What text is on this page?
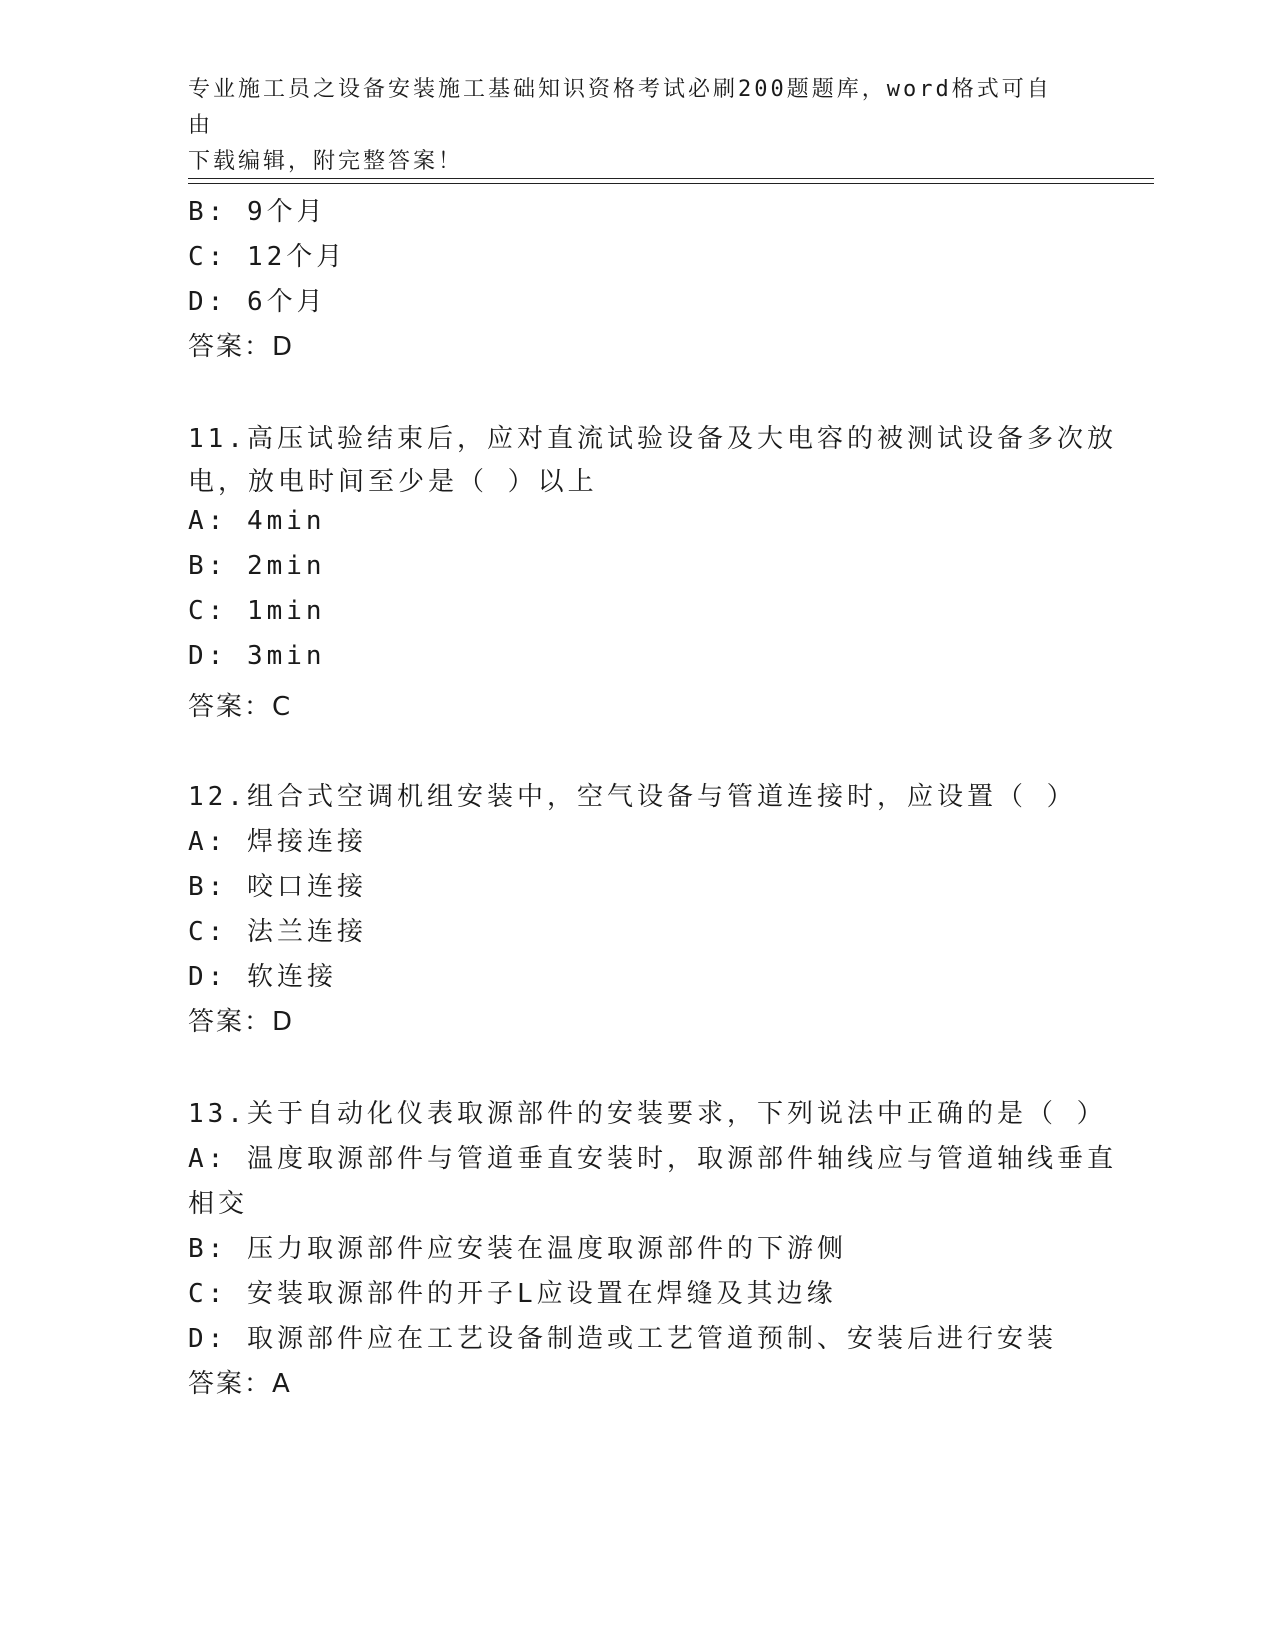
专业施工员之设备安装施工基础知识资格考试必刷200题题库，word格式可自由
下载编辑，附完整答案！
B: 9个月
C: 12个月
D: 6个月
答案：D
11.高压试验结束后，应对直流试验设备及大电容的被测试设备多次放
电，放电时间至少是（ ）以上
A: 4min
B: 2min
C: 1min
D: 3min
答案：C
12.组合式空调机组安装中，空气设备与管道连接时，应设置（ ）
A: 焊接连接
B: 咬口连接
C: 法兰连接
D: 软连接
答案：D
13.关于自动化仪表取源部件的安装要求，下列说法中正确的是（ ）
A: 温度取源部件与管道垂直安装时，取源部件轴线应与管道轴线垂直
相交
B: 压力取源部件应安装在温度取源部件的下游侧
C: 安装取源部件的开子L应设置在焊缝及其边缘
D: 取源部件应在工艺设备制造或工艺管道预制、安装后进行安装
答案：A
